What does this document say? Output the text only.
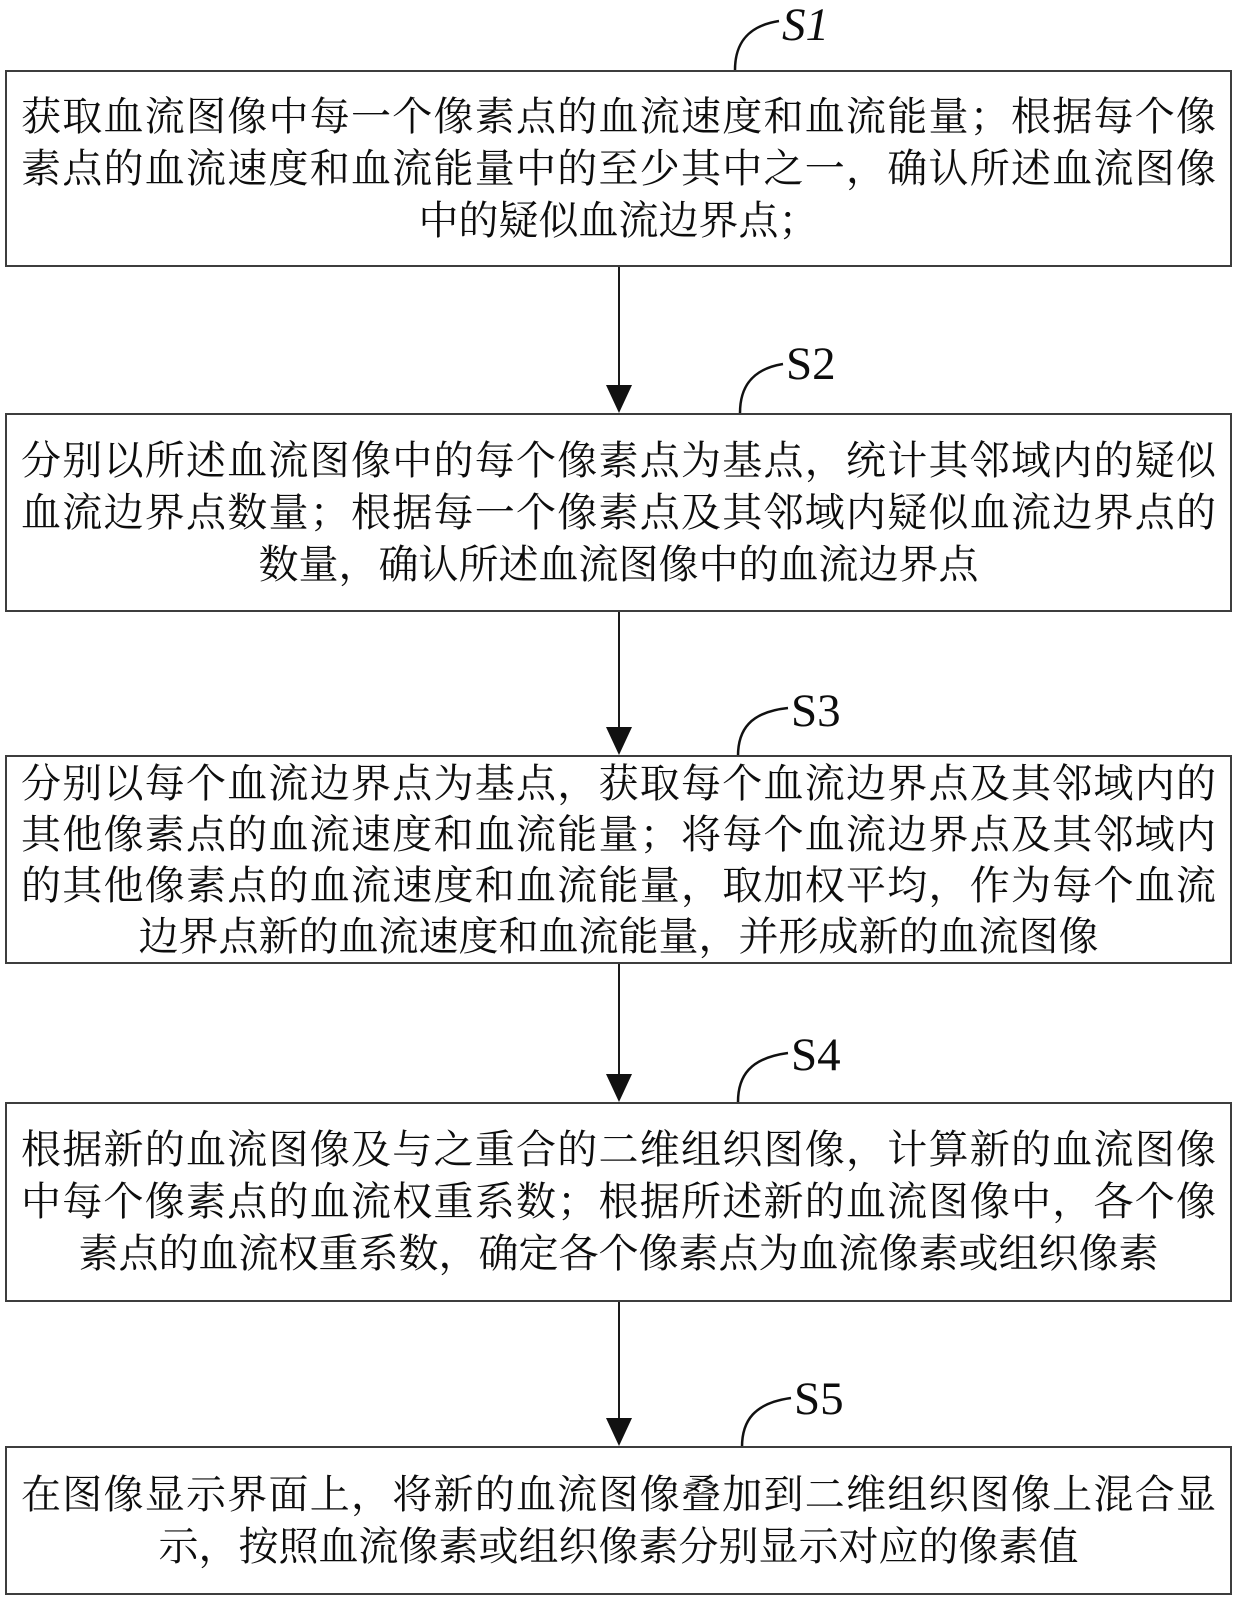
S1
S2
S3
S4
S5

获取血流图像中每一个像素点的血流速度和血流能量；根据每个像素点的血流速度和血流能量中的至少其中之一，确认所述血流图像中的疑似血流边界点；

分别以所述血流图像中的每个像素点为基点，统计其邻域内的疑似血流边界点数量；根据每一个像素点及其邻域内疑似血流边界点的数量，确认所述血流图像中的血流边界点

分别以每个血流边界点为基点，获取每个血流边界点及其邻域内的其他像素点的血流速度和血流能量；将每个血流边界点及其邻域内的其他像素点的血流速度和血流能量，取加权平均，作为每个血流边界点新的血流速度和血流能量，并形成新的血流图像

根据新的血流图像及与之重合的二维组织图像，计算新的血流图像中每个像素点的血流权重系数；根据所述新的血流图像中，各个像素点的血流权重系数，确定各个像素点为血流像素或组织像素

在图像显示界面上，将新的血流图像叠加到二维组织图像上混合显示，按照血流像素或组织像素分别显示对应的像素值
